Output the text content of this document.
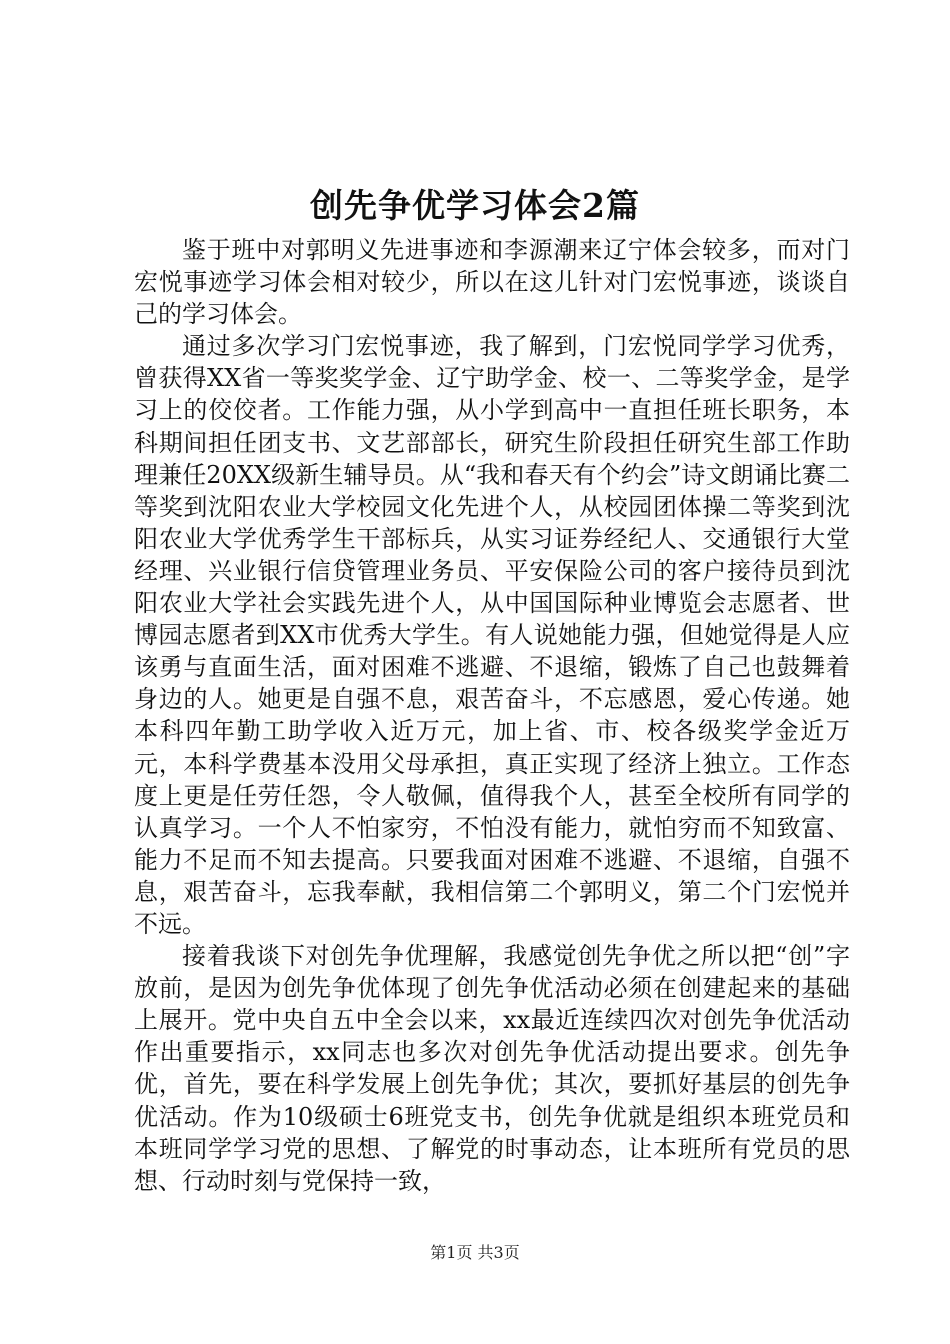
创先争优学习体会2篇

鉴于班中对郭明义先进事迹和李源潮来辽宁体会较多，而对门宏悦事迹学习体会相对较少，所以在这儿针对门宏悦事迹，谈谈自己的学习体会。

通过多次学习门宏悦事迹，我了解到，门宏悦同学学习优秀，曾获得XX省一等奖奖学金、辽宁助学金、校一、二等奖学金，是学习上的佼佼者。工作能力强，从小学到高中一直担任班长职务，本科期间担任团支书、文艺部部长，研究生阶段担任研究生部工作助理兼任20XX级新生辅导员。从“我和春天有个约会”诗文朗诵比赛二等奖到沈阳农业大学校园文化先进个人，从校园团体操二等奖到沈阳农业大学优秀学生干部标兵，从实习证券经纪人、交通银行大堂经理、兴业银行信贷管理业务员、平安保险公司的客户接待员到沈阳农业大学社会实践先进个人，从中国国际种业博览会志愿者、世博园志愿者到XX市优秀大学生。有人说她能力强，但她觉得是人应该勇与直面生活，面对困难不逃避、不退缩，锻炼了自己也鼓舞着身边的人。她更是自强不息，艰苦奋斗，不忘感恩，爱心传递。她本科四年勤工助学收入近万元，加上省、市、校各级奖学金近万元，本科学费基本没用父母承担，真正实现了经济上独立。工作态度上更是任劳任怨，令人敬佩，值得我个人，甚至全校所有同学的认真学习。一个人不怕家穷，不怕没有能力，就怕穷而不知致富、能力不足而不知去提高。只要我面对困难不逃避、不退缩，自强不息，艰苦奋斗，忘我奉献，我相信第二个郭明义，第二个门宏悦并不远。

接着我谈下对创先争优理解，我感觉创先争优之所以把“创”字放前，是因为创先争优体现了创先争优活动必须在创建起来的基础上展开。党中央自五中全会以来，xx最近连续四次对创先争优活动作出重要指示，xx同志也多次对创先争优活动提出要求。创先争优，首先，要在科学发展上创先争优；其次，要抓好基层的创先争优活动。作为10级硕士6班党支书，创先争优就是组织本班党员和本班同学学习党的思想、了解党的时事动态，让本班所有党员的思想、行动时刻与党保持一致，

第1页 共3页
